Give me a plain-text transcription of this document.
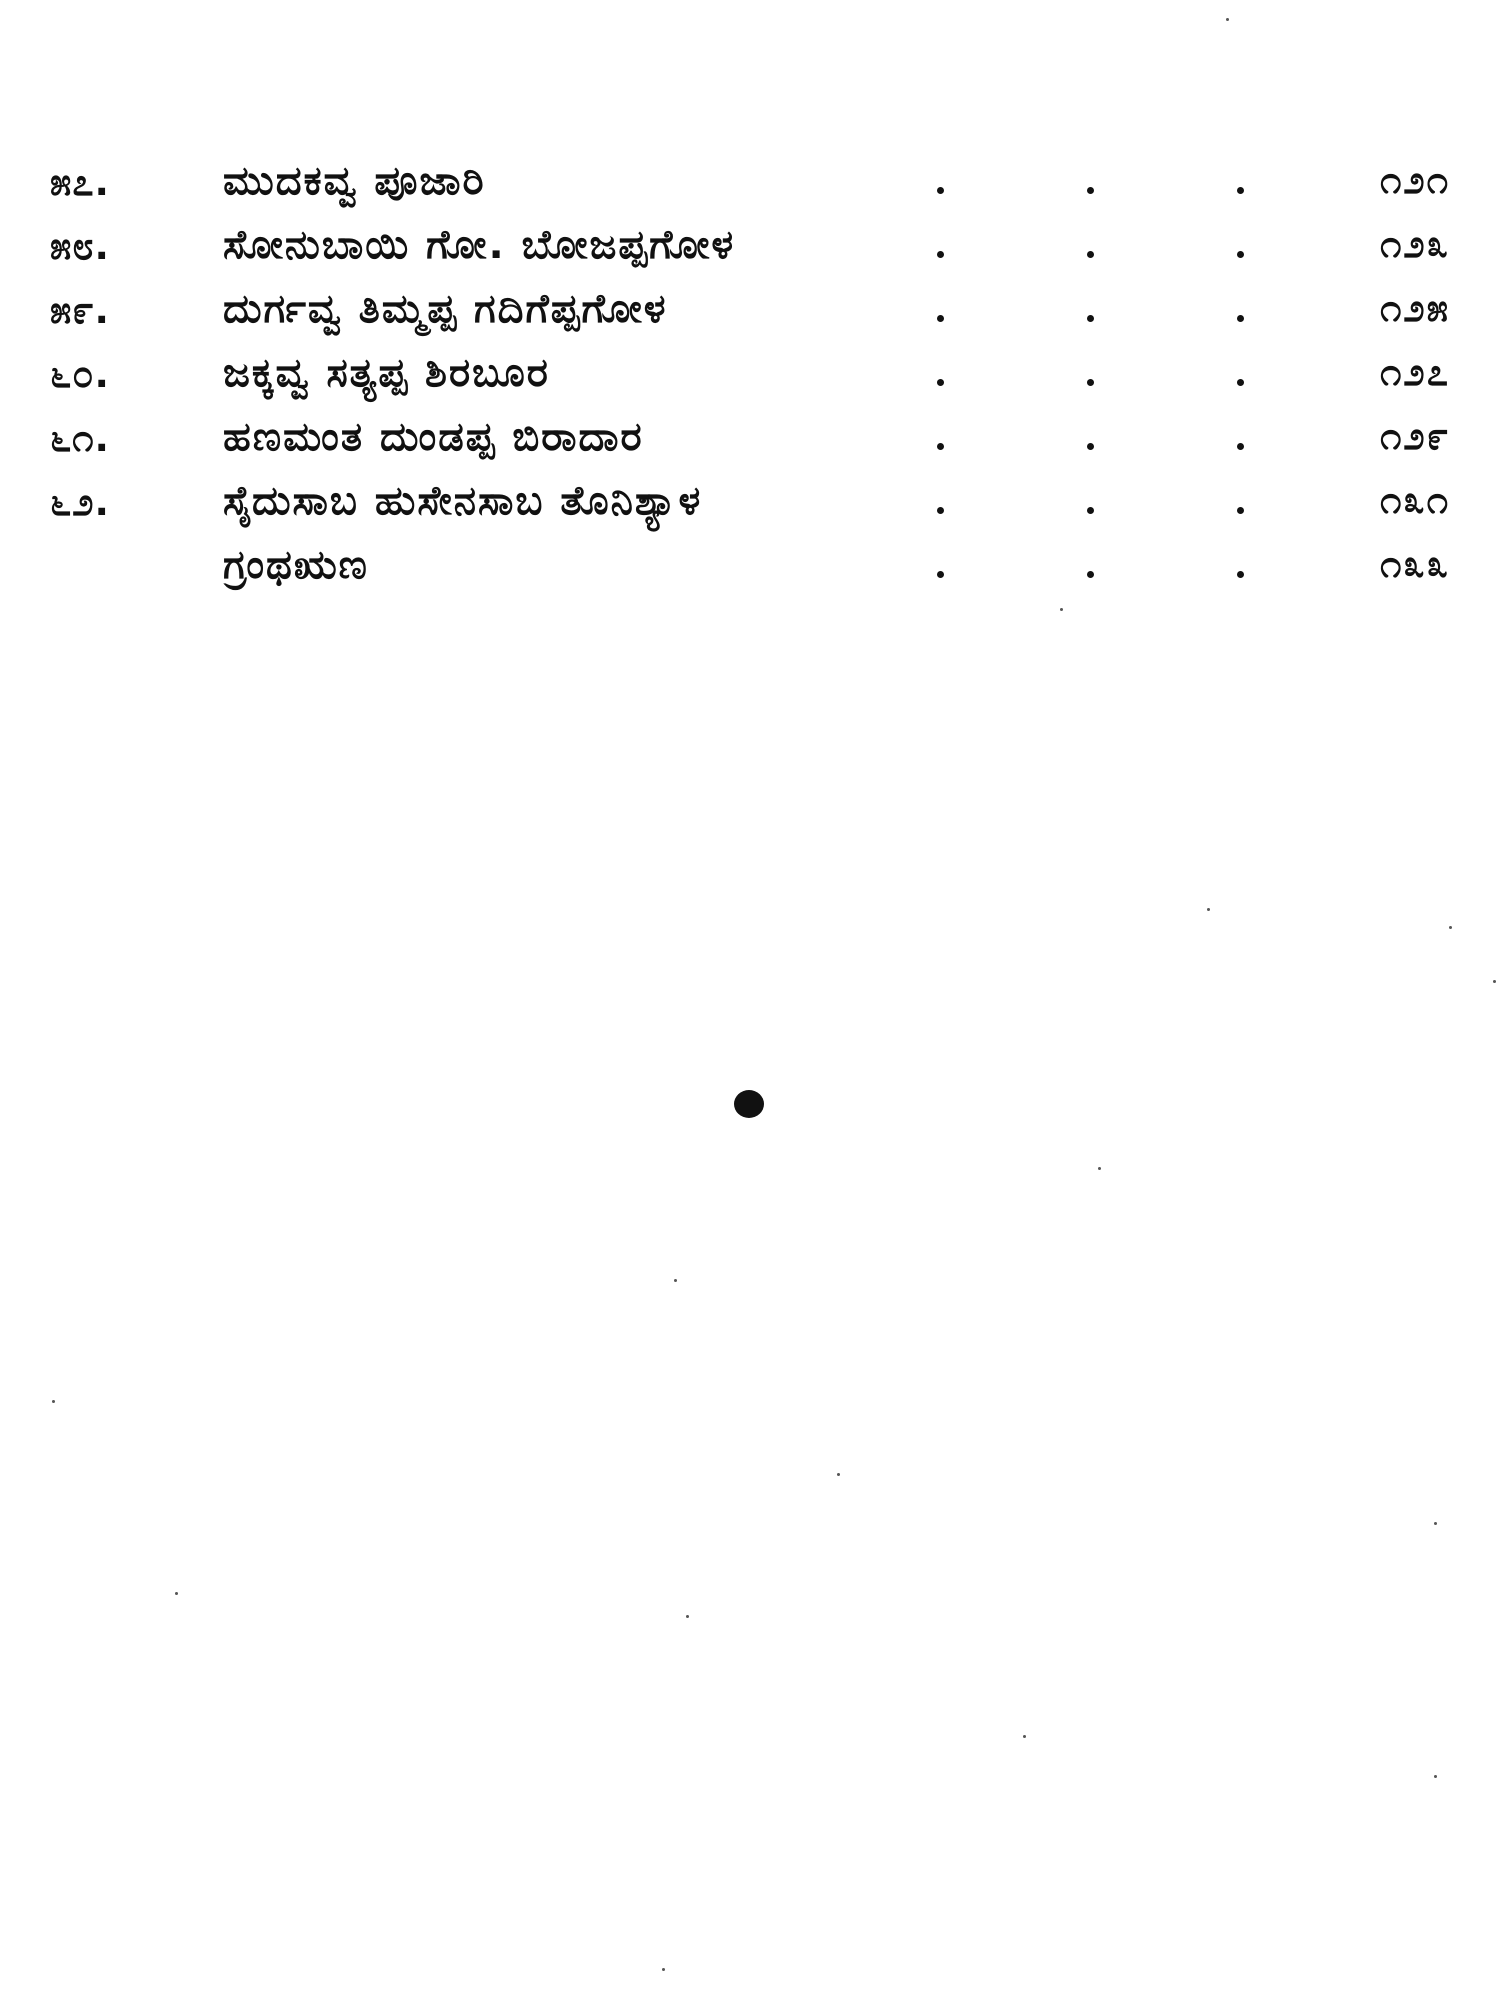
೫೭.	ಮುದಕವ್ವ ಪೂಜಾರಿ	೧೨೧
೫೮.	ಸೋನುಬಾಯಿ ಗೋ. ಬೋಜಪ್ಪಗೋಳ	೧೨೩
೫೯.	ದುರ್ಗವ್ವ ತಿಮ್ಮಪ್ಪ ಗದಿಗೆಪ್ಪಗೋಳ	೧೨೫
೬೦.	ಜಕ್ಕವ್ವ ಸತ್ಯಪ್ಪ ಶಿರಬೂರ	೧೨೭
೬೧.	ಹಣಮಂತ ದುಂಡಪ್ಪ ಬಿರಾದಾರ	೧೨೯
೬೨.	ಸೈದುಸಾಬ ಹುಸೇನಸಾಬ ತೊನಿಶ್ಯಾಳ	೧೩೧
ಗ್ರಂಥಋಣ	೧೩೩
